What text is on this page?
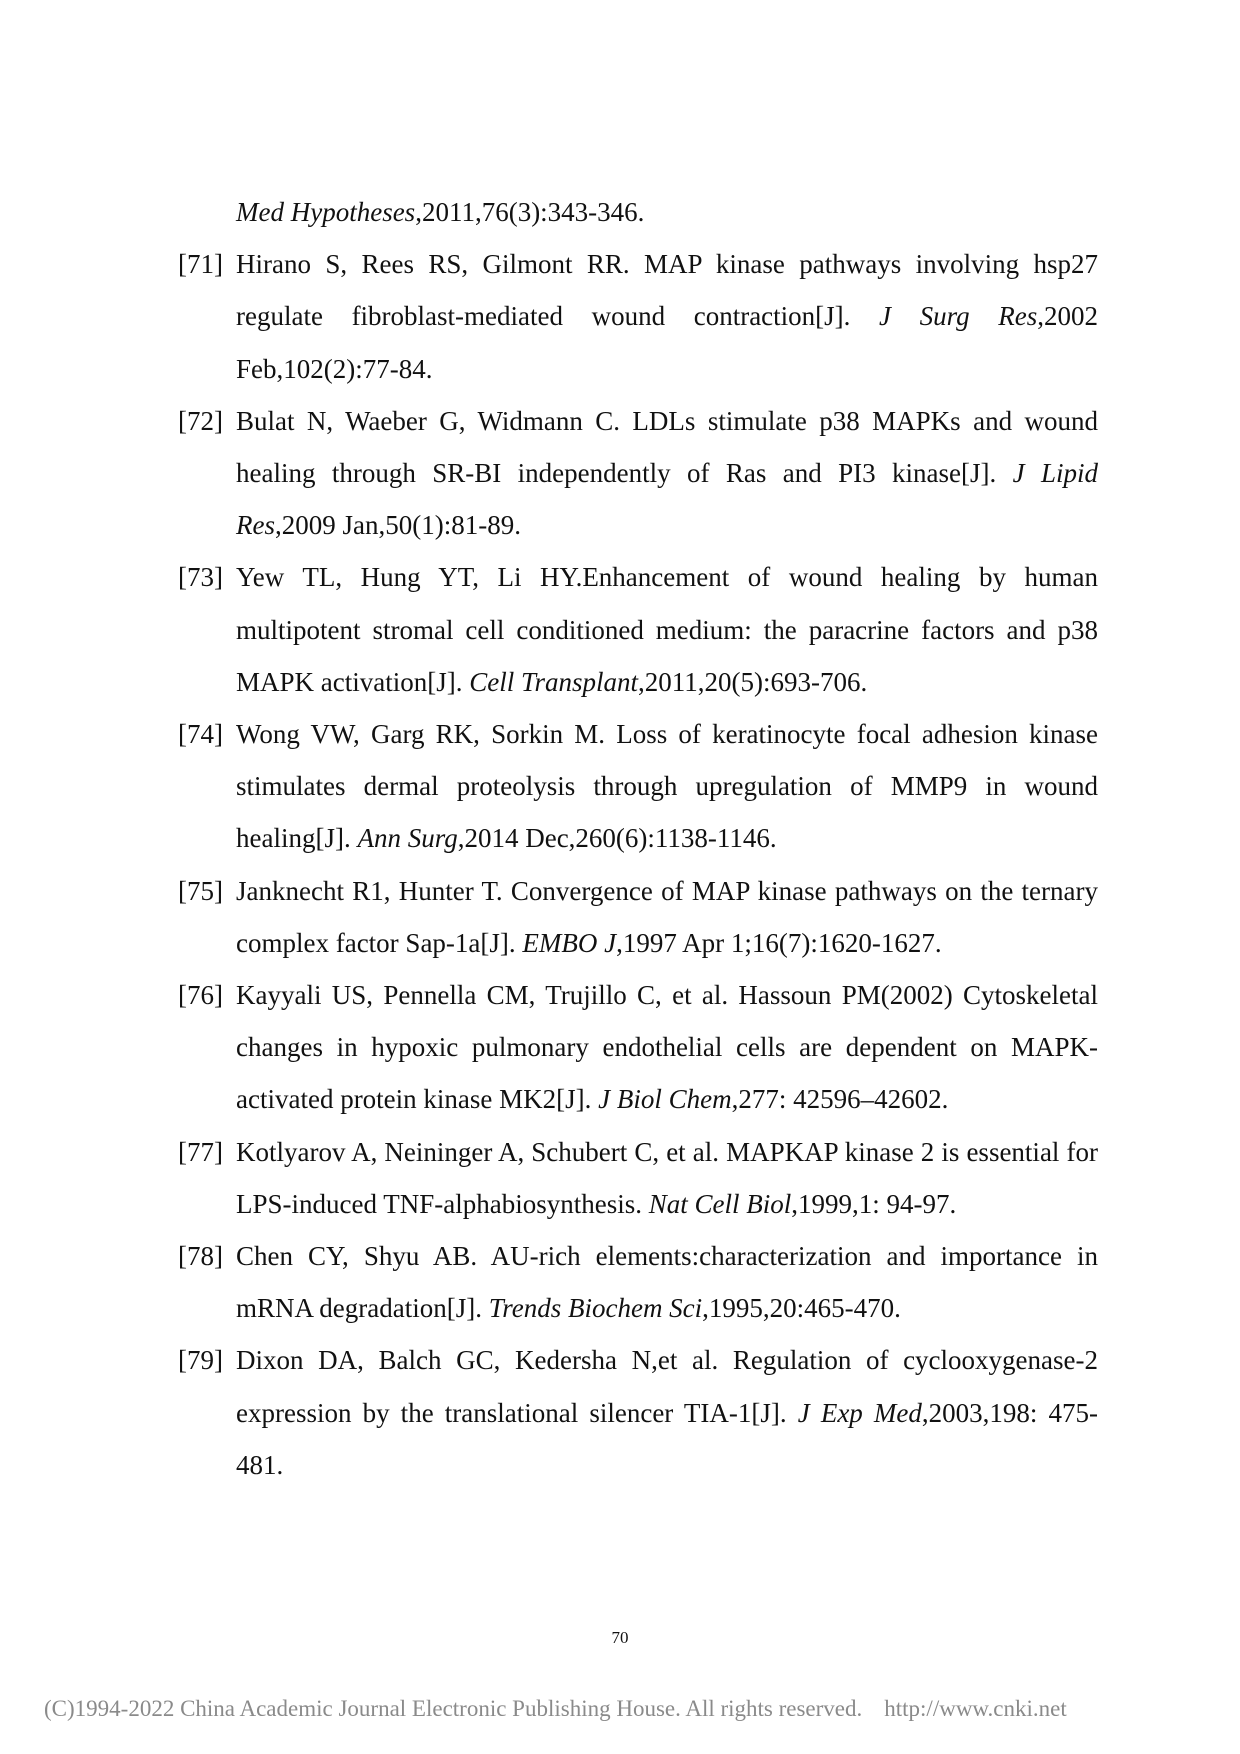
Med Hypotheses,2011,76(3):343-346.
[71] Hirano S, Rees RS, Gilmont RR. MAP kinase pathways involving hsp27 regulate fibroblast-mediated wound contraction[J]. J Surg Res,2002 Feb,102(2):77-84.
[72] Bulat N, Waeber G, Widmann C. LDLs stimulate p38 MAPKs and wound healing through SR-BI independently of Ras and PI3 kinase[J]. J Lipid Res,2009 Jan,50(1):81-89.
[73] Yew TL, Hung YT, Li HY.Enhancement of wound healing by human multipotent stromal cell conditioned medium: the paracrine factors and p38 MAPK activation[J]. Cell Transplant,2011,20(5):693-706.
[74] Wong VW, Garg RK, Sorkin M. Loss of keratinocyte focal adhesion kinase stimulates dermal proteolysis through upregulation of MMP9 in wound healing[J]. Ann Surg,2014 Dec,260(6):1138-1146.
[75] Janknecht R1, Hunter T. Convergence of MAP kinase pathways on the ternary complex factor Sap-1a[J]. EMBO J,1997 Apr 1;16(7):1620-1627.
[76] Kayyali US, Pennella CM, Trujillo C, et al. Hassoun PM(2002) Cytoskeletal changes in hypoxic pulmonary endothelial cells are dependent on MAPK-activated protein kinase MK2[J]. J Biol Chem,277: 42596–42602.
[77] Kotlyarov A, Neininger A, Schubert C, et al. MAPKAP kinase 2 is essential for LPS-induced TNF-alphabiosynthesis. Nat Cell Biol,1999,1: 94-97.
[78] Chen CY, Shyu AB. AU-rich elements:characterization and importance in mRNA degradation[J]. Trends Biochem Sci,1995,20:465-470.
[79] Dixon DA, Balch GC, Kedersha N,et al. Regulation of cyclooxygenase-2 expression by the translational silencer TIA-1[J]. J Exp Med,2003,198: 475-481.
70
(C)1994-2022 China Academic Journal Electronic Publishing House. All rights reserved. http://www.cnki.net
